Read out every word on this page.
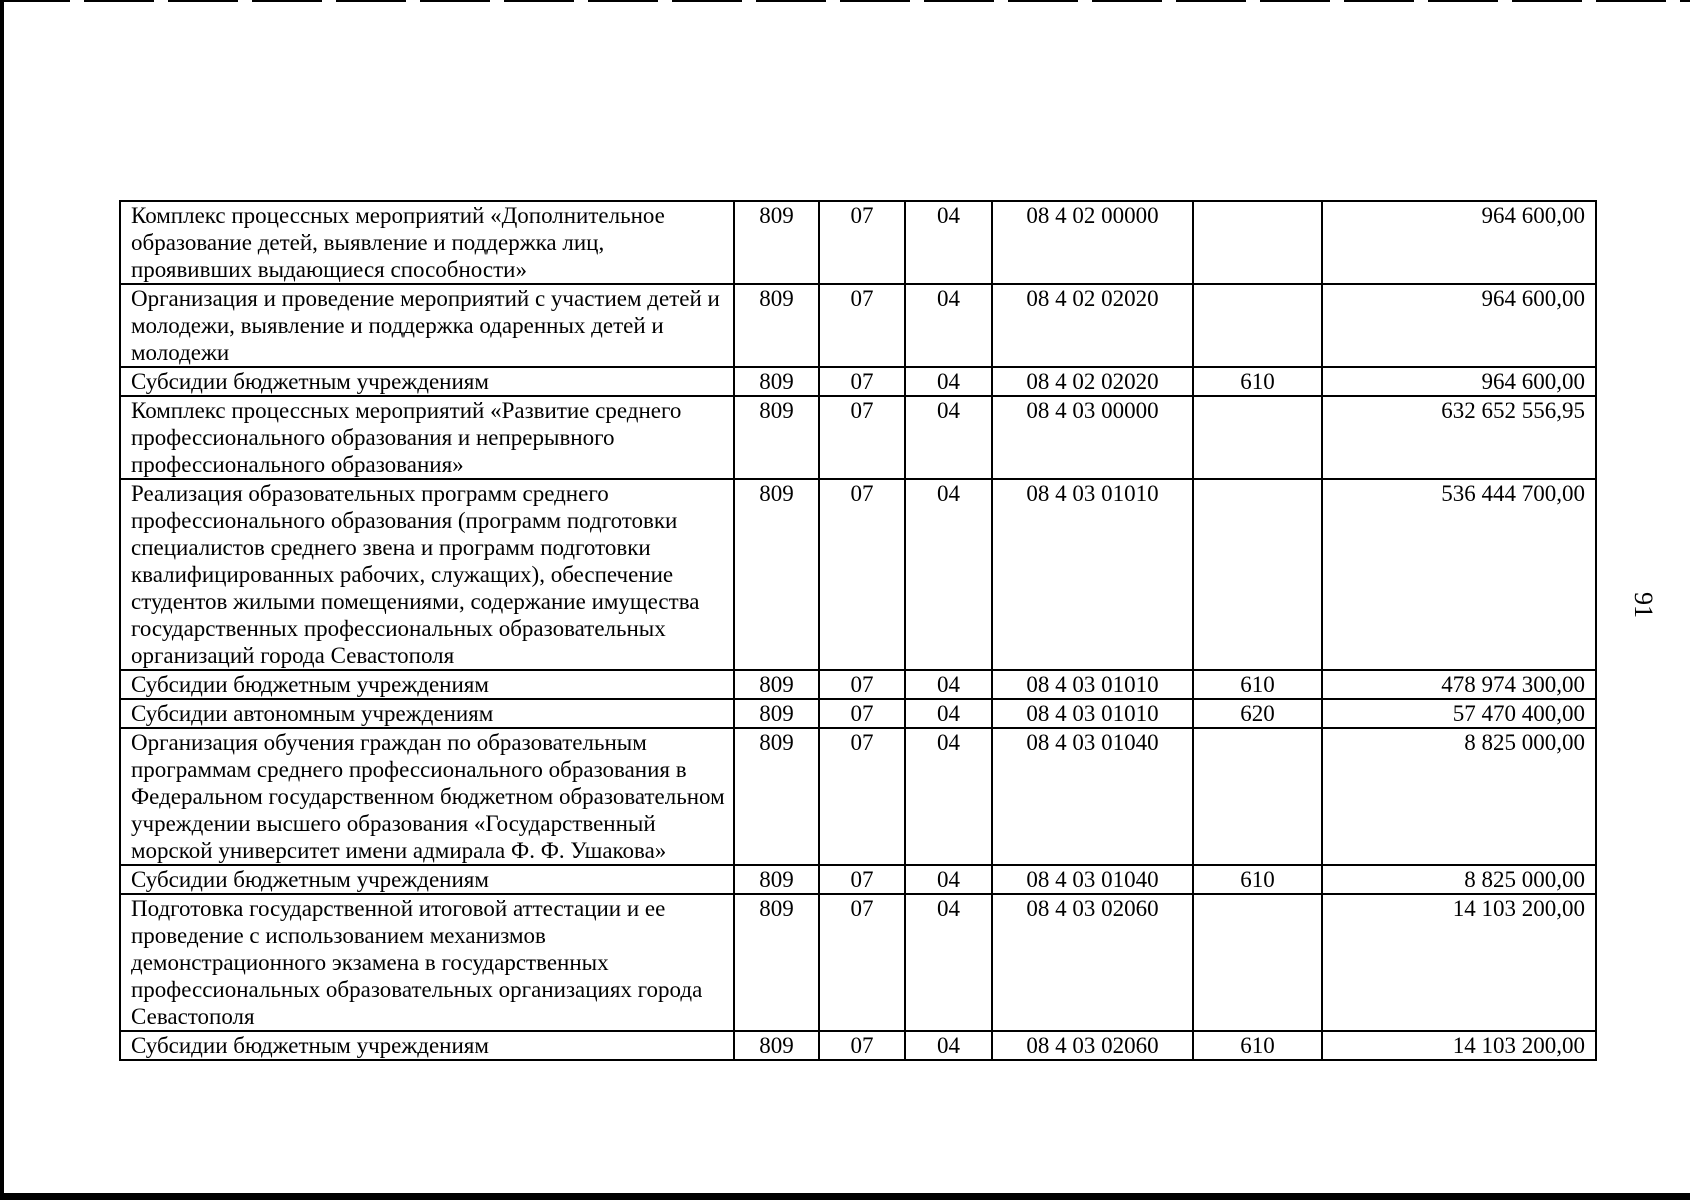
91
Комплекс процессных мероприятий «Дополнительное образование детей, выявление и поддержка лиц, проявивших выдающиеся способности»	809	07	04	08 4 02 00000		964 600,00
Организация и проведение мероприятий с участием детей и молодежи, выявление и поддержка одаренных детей и молодежи	809	07	04	08 4 02 02020		964 600,00
Субсидии бюджетным учреждениям	809	07	04	08 4 02 02020	610	964 600,00
Комплекс процессных мероприятий «Развитие среднего профессионального образования и непрерывного профессионального образования»	809	07	04	08 4 03 00000		632 652 556,95
Реализация образовательных программ среднего профессионального образования (программ подготовки специалистов среднего звена и программ подготовки квалифицированных рабочих, служащих), обеспечение студентов жилыми помещениями, содержание имущества государственных профессиональных образовательных организаций города Севастополя	809	07	04	08 4 03 01010		536 444 700,00
Субсидии бюджетным учреждениям	809	07	04	08 4 03 01010	610	478 974 300,00
Субсидии автономным учреждениям	809	07	04	08 4 03 01010	620	57 470 400,00
Организация обучения граждан по образовательным программам среднего профессионального образования в Федеральном государственном бюджетном образовательном учреждении высшего образования «Государственный морской университет имени адмирала Ф. Ф. Ушакова»	809	07	04	08 4 03 01040		8 825 000,00
Субсидии бюджетным учреждениям	809	07	04	08 4 03 01040	610	8 825 000,00
Подготовка государственной итоговой аттестации и ее проведение с использованием механизмов демонстрационного экзамена в государственных профессиональных образовательных организациях города Севастополя	809	07	04	08 4 03 02060		14 103 200,00
Субсидии бюджетным учреждениям	809	07	04	08 4 03 02060	610	14 103 200,00
